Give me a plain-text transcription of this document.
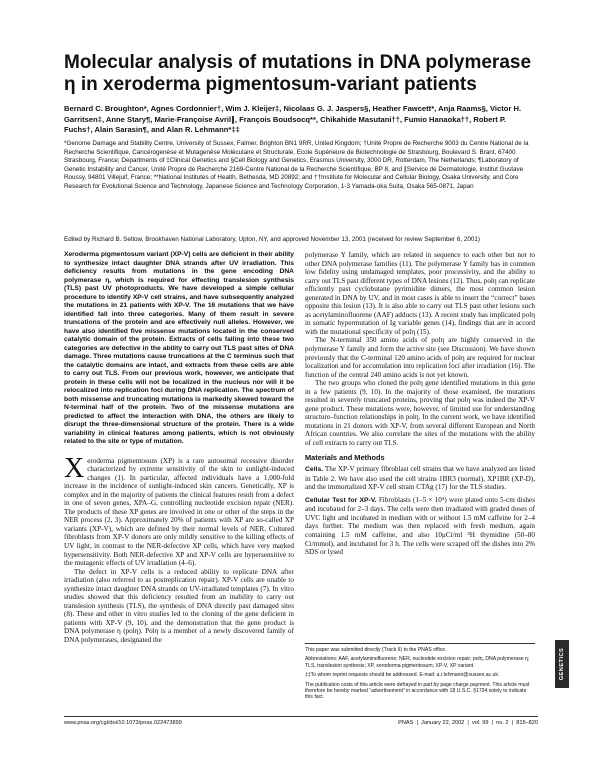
Molecular analysis of mutations in DNA polymerase η in xeroderma pigmentosum-variant patients
Bernard C. Broughton*, Agnes Cordonnier†, Wim J. Kleijer‡, Nicolaas G. J. Jaspers§, Heather Fawcett*, Anja Raams§, Victor H. Garritsen‡, Anne Stary¶, Marie-Françoise Avril∥, François Boudsocq**, Chikahide Masutani††, Fumio Hanaoka††, Robert P. Fuchs†, Alain Sarasin¶, and Alan R. Lehmann*‡‡
*Genome Damage and Stability Centre, University of Sussex, Falmer, Brighton BN1 9RR, United Kingdom; †Unité Propre de Recherche 9003 du Centre National de la Recherche Scientifique, Cancérogenèse et Mutagenèse Moléculaire et Structurale, Ecole Supérieure de Biotechnologie de Strasbourg, Boulevard S. Brant, 67400 Strasbourg, France; Departments of ‡Clinical Genetics and §Cell Biology and Genetics, Erasmus University, 3000 DR, Rotterdam, The Netherlands; ¶Laboratory of Genetic Instability and Cancer, Unité Propre de Recherche 2169-Centre National de la Recherche Scientifique, BP 8, and ∥Service de Dermatologie, Institut Gustave Roussy, 94801 Villejuif, France; **National Institutes of Health, Bethesda, MD 20892; and ††Institute for Molecular and Cellular Biology, Osaka University, and Core Research for Evolutional Science and Technology, Japanese Science and Technology Corporation, 1-3 Yamada-oka Suita, Osaka 565-0871, Japan
Edited by Richard B. Setlow, Brookhaven National Laboratory, Upton, NY, and approved November 13, 2001 (received for review September 6, 2001)

Xeroderma pigmentosum variant (XP-V) cells are deficient in their ability to synthesize intact daughter DNA strands after UV irradiation. This deficiency results from mutations in the gene encoding DNA polymerase η, which is required for effecting translesion synthesis (TLS) past UV photoproducts. We have developed a simple cellular procedure to identify XP-V cell strains, and have subsequently analyzed the mutations in 21 patients with XP-V. The 16 mutations that we have identified fall into three categories. Many of them result in severe truncations of the protein and are effectively null alleles. However, we have also identified five missense mutations located in the conserved catalytic domain of the protein. Extracts of cells falling into these two categories are defective in the ability to carry out TLS past sites of DNA damage. Three mutations cause truncations at the C terminus such that the catalytic domains are intact, and extracts from these cells are able to carry out TLS. From our previous work, however, we anticipate that protein in these cells will not be localized in the nucleus nor will it be relocalized into replication foci during DNA replication. The spectrum of both missense and truncating mutations is markedly skewed toward the N-terminal half of the protein. Two of the missense mutations are predicted to affect the interaction with DNA, the others are likely to disrupt the three-dimensional structure of the protein. There is a wide variability in clinical features among patients, which is not obviously related to the site or type of mutation.

Xeroderma pigmentosum (XP) is a rare autosomal recessive disorder characterized by extreme sensitivity of the skin to sunlight-induced changes (1). In particular, affected individuals have a 1,000-fold increase in the incidence of sunlight-induced skin cancers. Genetically, XP is complex and in the majority of patients the clinical features result from a defect in one of seven genes, XPA–G, controlling nucleotide excision repair (NER). The products of these XP genes are involved in one or other of the steps in the NER process (2, 3). Approximately 20% of patients with XP are so-called XP variants (XP-V), which are defined by their normal levels of NER. Cultured fibroblasts from XP-V donors are only mildly sensitive to the killing effects of UV light, in contrast to the NER-defective XP cells, which have very marked hypersensitivity. Both NER-defective XP and XP-V cells are hypersensitive to the mutagenic effects of UV irradiation (4–6).

The defect in XP-V cells is a reduced ability to replicate DNA after irradiation (also referred to as postreplication repair). XP-V cells are unable to synthesize intact daughter DNA strands on UV-irradiated templates (7). In vitro studies showed that this deficiency resulted from an inability to carry out translesion synthesis (TLS), the synthesis of DNA directly past damaged sites (8). These and other in vitro studies led to the cloning of the gene deficient in patients with XP-V (9, 10), and the demonstration that the gene product is DNA polymerase η (polη). Polη is a member of a newly discovered family of DNA polymerases, designated the

polymerase Y family, which are related in sequence to each other but not to other DNA polymerase families (11). The polymerase Y family has in common low fidelity using undamaged templates, poor processivity, and the ability to carry out TLS past different types of DNA lesions (12). Thus, polη can replicate efficiently past cyclobutane pyrimidine dimers, the most common lesion generated in DNA by UV, and in most cases is able to insert the “correct” bases opposite this lesion (13). It is also able to carry out TLS past other lesions such as acetylaminofluorene (AAF) adducts (13). A recent study has implicated polη in somatic hypermutation of Ig variable genes (14), findings that are in accord with the mutational specificity of polη (15).

The N-terminal 350 amino acids of polη are highly conserved in the polymerase Y family and form the active site (see Discussion). We have shown previously that the C-terminal 120 amino acids of polη are required for nuclear localization and for accumulation into replication foci after irradiation (16). The function of the central 240 amino acids is not yet known.

The two groups who cloned the polη gene identified mutations in this gene in a few patients (9, 10). In the majority of those examined, the mutations resulted in severely truncated proteins, proving that polη was indeed the XP-V gene product. These mutations were, however, of limited use for understanding structure–function relationships in polη. In the current work, we have identified mutations in 21 donors with XP-V, from several different European and North African countries. We also correlate the sites of the mutations with the ability of cell extracts to carry out TLS.

Materials and Methods

Cells. The XP-V primary fibroblast cell strains that we have analyzed are listed in Table 2. We have also used the cell strains 1BR3 (normal), XP1BR (XP-D), and the immortalized XP-V cell strain CTAg (17) for the TLS studies.

Cellular Test for XP-V. Fibroblasts (1–5 × 10⁴) were plated onto 5-cm dishes and incubated for 2–3 days. The cells were then irradiated with graded doses of UVC light and incubated in medium with or without 1.5 mM caffeine for 2–4 days further. The medium was then replaced with fresh medium, again containing 1.5 mM caffeine, and also 10μCi/ml ³H thymidine (50–80 Ci/mmol), and incubated for 3 h. The cells were scraped off the dishes into 2% SDS or lysed

This paper was submitted directly (Track II) to the PNAS office.

Abbreviations: AAF, acetylaminofluorene; NER, nucleotide excision repair; polη, DNA polymerase η; TLS, translesion synthesis; XP, xeroderma pigmentosum; XP-V, XP variant.

‡‡To whom reprint requests should be addressed. E-mail: a.r.lehmann@sussex.ac.uk.

The publication costs of this article were defrayed in part by page charge payment. This article must therefore be hereby marked “advertisement” in accordance with 18 U.S.C. §1734 solely to indicate this fact.

www.pnas.org/cgi/doi/10.1073/pnas.022473899	PNAS  |  January 22, 2002  |  vol. 99  |  no. 2  |  815–820
GENETICS
